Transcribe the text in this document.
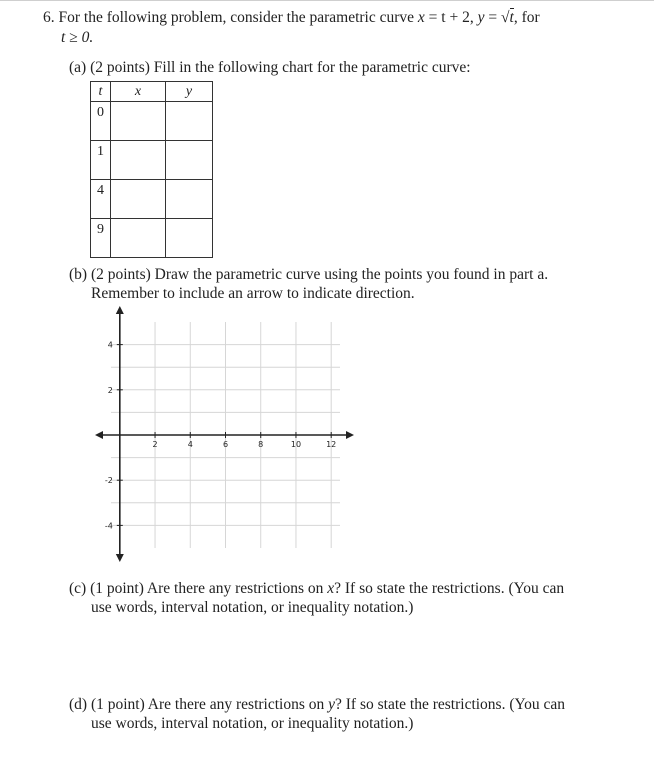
6. For the following problem, consider the parametric curve x = t + 2, y = √t, for
t ≥ 0.
(a) (2 points) Fill in the following chart for the parametric curve:
t	x	y

0		

1		

4		

9		

(b) (2 points) Draw the parametric curve using the points you found in part a.
Remember to include an arrow to indicate direction.
2	4	6	8	10	12
4
2
-2
-4
(c) (1 point) Are there any restrictions on x? If so state the restrictions. (You can
use words, interval notation, or inequality notation.)
(d) (1 point) Are there any restrictions on y? If so state the restrictions. (You can
use words, interval notation, or inequality notation.)
